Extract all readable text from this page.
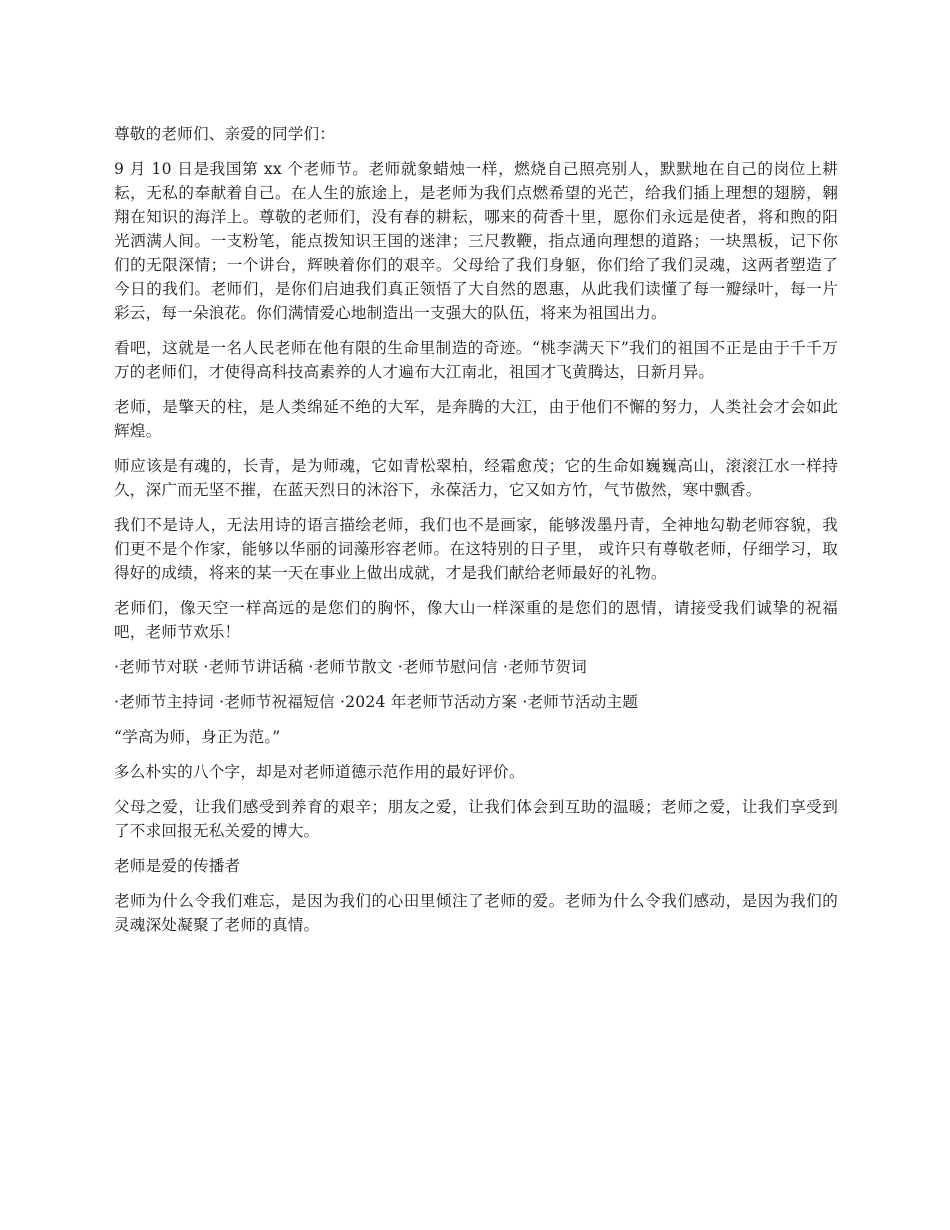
尊敬的老师们、亲爱的同学们：

9 月 10 日是我国第 xx 个老师节。老师就象蜡烛一样，燃烧自己照亮别人，默默地在自己的岗位上耕耘，无私的奉献着自己。在人生的旅途上，是老师为我们点燃希望的光芒，给我们插上理想的翅膀，翱翔在知识的海洋上。尊敬的老师们，没有春的耕耘，哪来的荷香十里，愿你们永远是使者，将和煦的阳光洒满人间。一支粉笔，能点拨知识王国的迷津；三尺教鞭，指点通向理想的道路；一块黑板，记下你们的无限深情；一个讲台，辉映着你们的艰辛。父母给了我们身躯，你们给了我们灵魂，这两者塑造了今日的我们。老师们，是你们启迪我们真正领悟了大自然的恩惠，从此我们读懂了每一瓣绿叶，每一片彩云，每一朵浪花。你们满情爱心地制造出一支强大的队伍，将来为祖国出力。

看吧，这就是一名人民老师在他有限的生命里制造的奇迹。“桃李满天下”我们的祖国不正是由于千千万万的老师们，才使得高科技高素养的人才遍布大江南北，祖国才飞黄腾达，日新月异。

老师，是擎天的柱，是人类绵延不绝的大军，是奔腾的大江，由于他们不懈的努力，人类社会才会如此辉煌。

师应该是有魂的，长青，是为师魂，它如青松翠柏，经霜愈茂；它的生命如巍巍高山，滚滚江水一样持久，深广而无坚不摧，在蓝天烈日的沐浴下，永葆活力，它又如方竹，气节傲然，寒中飘香。

我们不是诗人，无法用诗的语言描绘老师，我们也不是画家，能够泼墨丹青，全神地勾勒老师容貌，我们更不是个作家，能够以华丽的词藻形容老师。在这特别的日子里， 或许只有尊敬老师，仔细学习，取得好的成绩，将来的某一天在事业上做出成就，才是我们献给老师最好的礼物。

老师们，像天空一样高远的是您们的胸怀，像大山一样深重的是您们的恩情，请接受我们诚挚的祝福吧，老师节欢乐！

·老师节对联 ·老师节讲话稿 ·老师节散文 ·老师节慰问信 ·老师节贺词

·老师节主持词 ·老师节祝福短信 ·2024 年老师节活动方案 ·老师节活动主题

“学高为师，身正为范。”

多么朴实的八个字，却是对老师道德示范作用的最好评价。

父母之爱，让我们感受到养育的艰辛；朋友之爱，让我们体会到互助的温暖；老师之爱，让我们享受到了不求回报无私关爱的博大。

老师是爱的传播者

老师为什么令我们难忘，是因为我们的心田里倾注了老师的爱。老师为什么令我们感动，是因为我们的灵魂深处凝聚了老师的真情。
